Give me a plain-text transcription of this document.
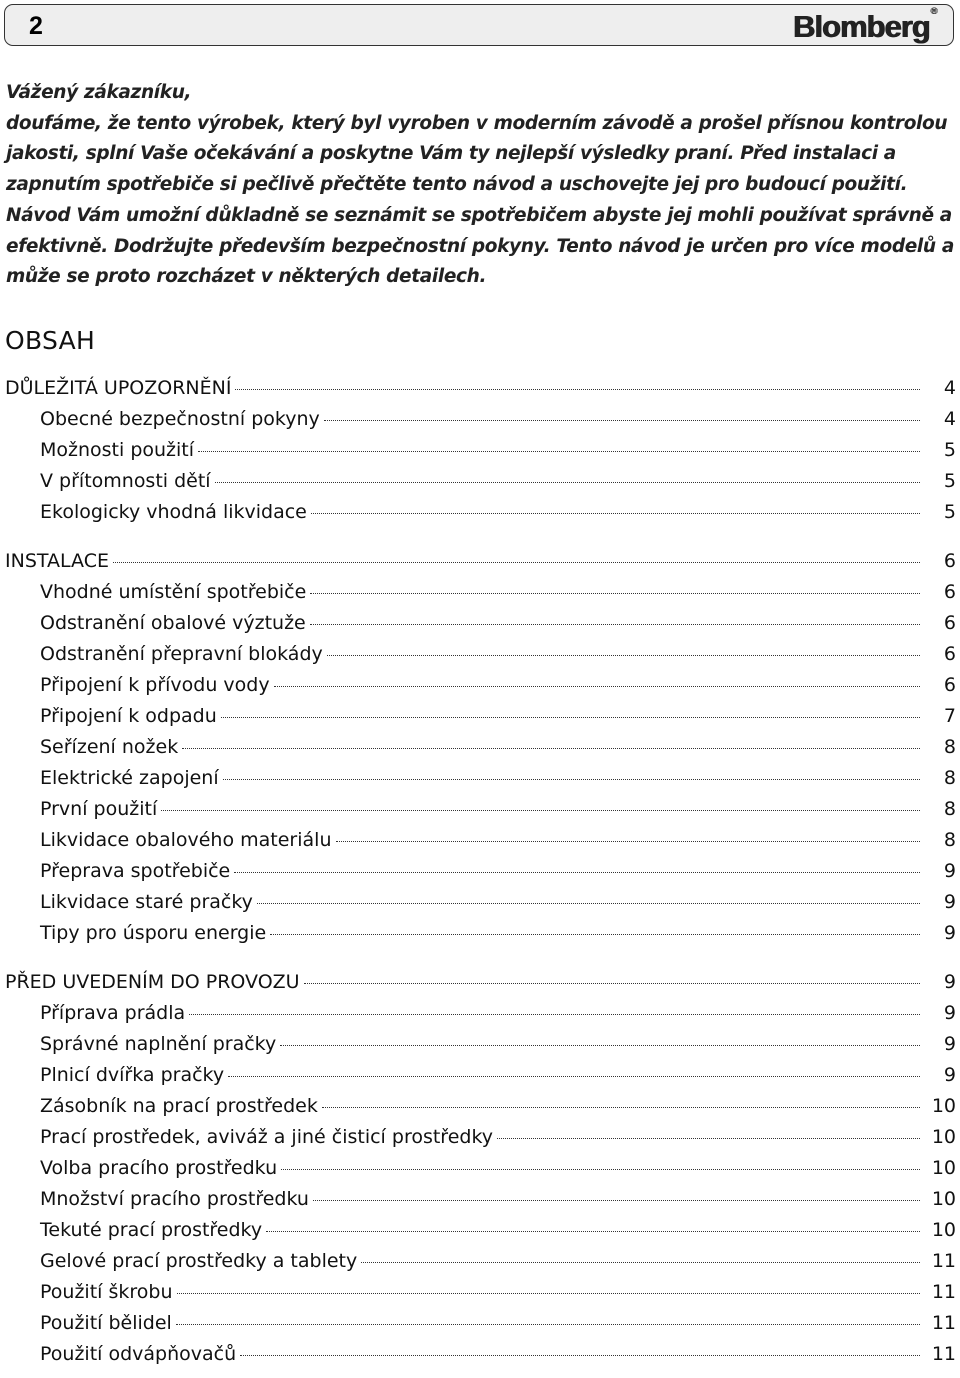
2	Blomberg®

Vážený zákazníku,

doufáme, že tento výrobek, který byl vyroben v moderním závodě a prošel přísnou kontrolou jakosti, splní Vaše očekávání a poskytne Vám ty nejlepší výsledky praní. Před instalaci a zapnutím spotřebiče si pečlivě přečtěte tento návod a uschovejte jej pro budoucí použití. Návod Vám umožní důkladně se seznámit se spotřebičem abyste jej mohli používat správně a efektivně. Dodržujte především bezpečnostní pokyny. Tento návod je určen pro více modelů a může se proto rozcházet v některých detailech.

OBSAH
DŮLEŽITÁ UPOZORNĚNÍ	4
Obecné bezpečnostní pokyny	4
Možnosti použití	5
V přítomnosti dětí	5
Ekologicky vhodná likvidace	5
INSTALACE	6
Vhodné umístění spotřebiče	6
Odstranění obalové výztuže	6
Odstranění přepravní blokády	6
Připojení k přívodu vody	6
Připojení k odpadu	7
Seřízení nožek	8
Elektrické zapojení	8
První použití	8
Likvidace obalového materiálu	8
Přeprava spotřebiče	9
Likvidace staré pračky	9
Tipy pro úsporu energie	9
PŘED UVEDENÍM DO PROVOZU	9
Příprava prádla	9
Správné naplnění pračky	9
Plnicí dvířka pračky	9
Zásobník na prací prostředek	10
Prací prostředek, aviváž a jiné čisticí prostředky	10
Volba pracího prostředku	10
Množství pracího prostředku	10
Tekuté prací prostředky	10
Gelové prací prostředky a tablety	11
Použití škrobu	11
Použití bělidel	11
Použití odvápňovačů	11
